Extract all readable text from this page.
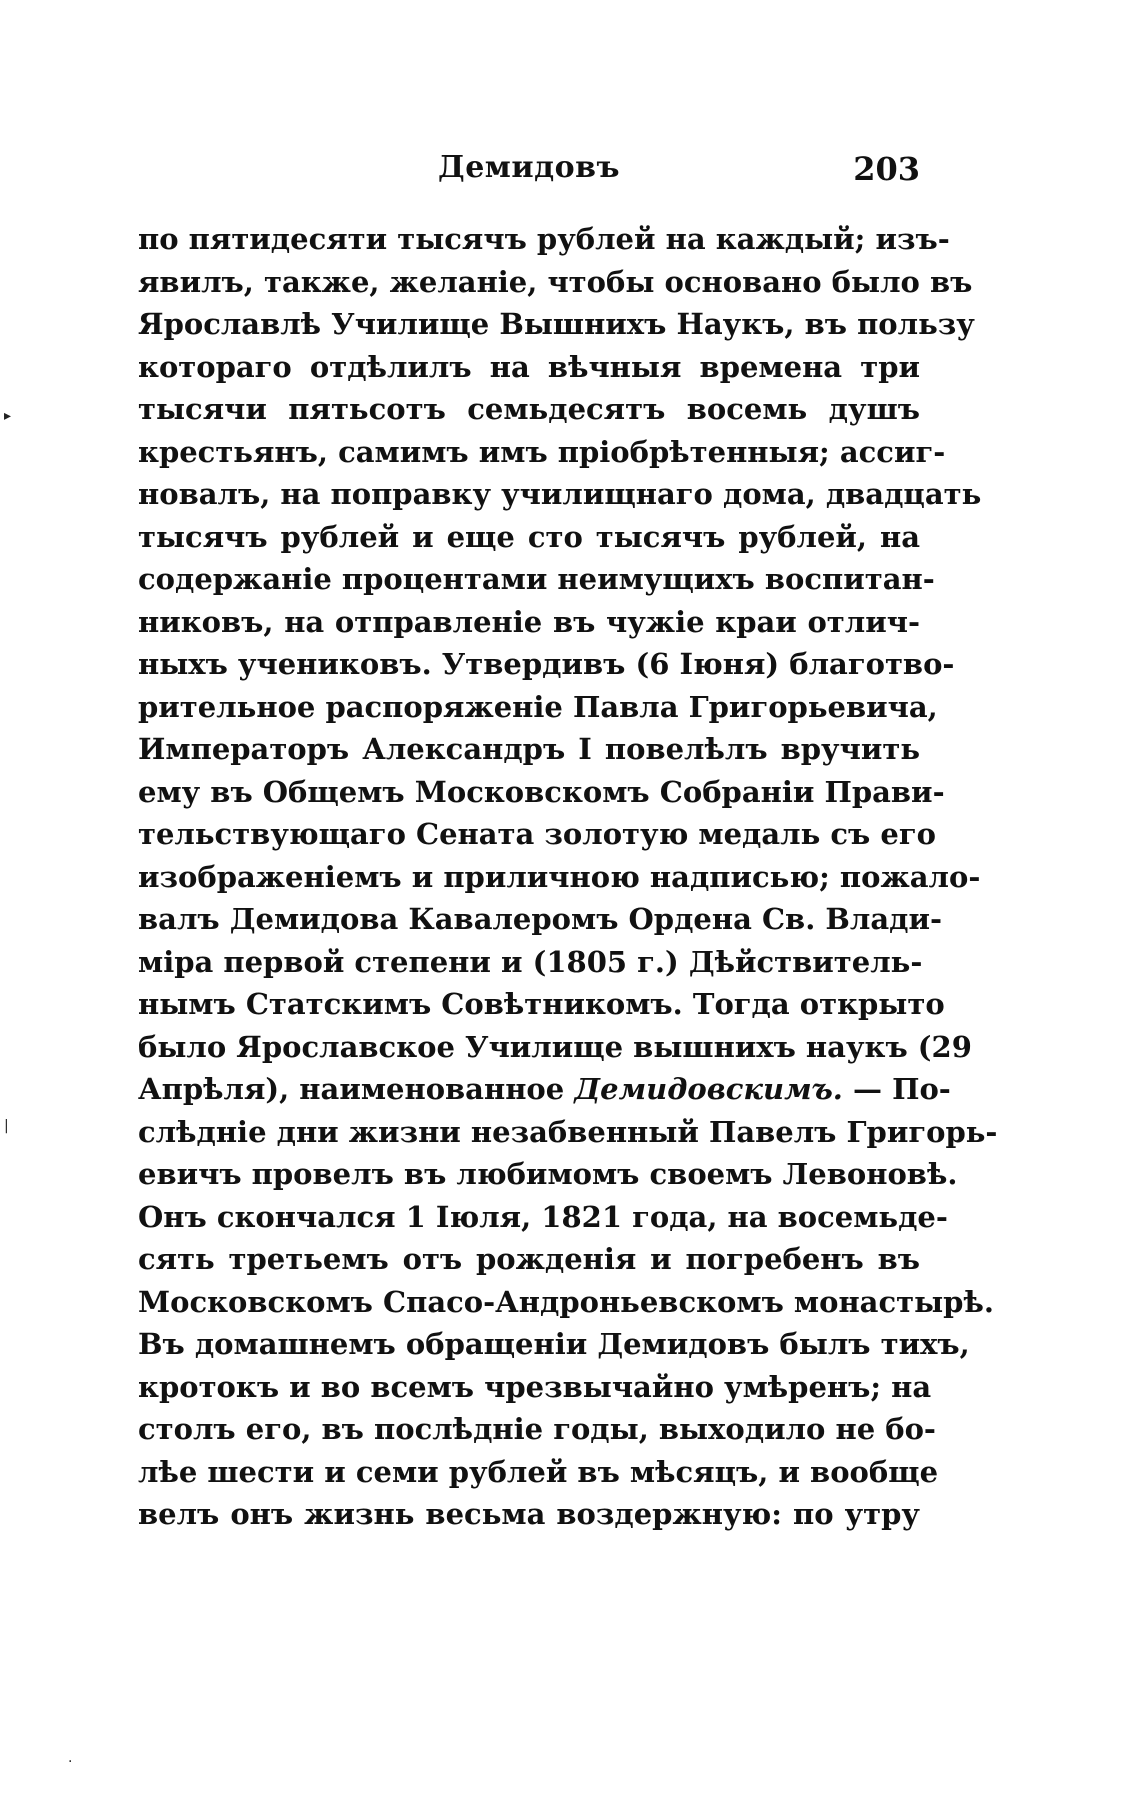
Демидовъ	203
по пятидесяти тысячъ рублей на каждый; изъ-
явилъ, также, желаніе, чтобы основано было въ
Ярославлѣ Училище Вышнихъ Наукъ, въ пользу
котораго отдѣлилъ на вѣчныя времена три
тысячи пятьсотъ семьдесятъ восемь душъ
крестьянъ, самимъ имъ пріобрѣтенныя; ассиг-
новалъ, на поправку училищнаго дома, двадцать
тысячъ рублей и еще сто тысячъ рублей, на
содержаніе процентами неимущихъ воспитан-
никовъ, на отправленіе въ чужіе краи отлич-
ныхъ учениковъ. Утвердивъ (6 Іюня) благотво-
рительное распоряженіе Павла Григорьевича,
Императоръ Александръ I повелѣлъ вручить
ему въ Общемъ Московскомъ Собраніи Прави-
тельствующаго Сената золотую медаль съ его
изображеніемъ и приличною надписью; пожало-
валъ Демидова Кавалеромъ Ордена Св. Влади-
міра первой степени и (1805 г.) Дѣйствитель-
нымъ Статскимъ Совѣтникомъ. Тогда открыто
было Ярославское Училище вышнихъ наукъ (29
Апрѣля), наименованное Демидовскимъ. — По-
слѣдніе дни жизни незабвенный Павелъ Григорь-
евичъ провелъ въ любимомъ своемъ Левоновѣ.
Онъ скончался 1 Іюля, 1821 года, на восемьде-
сять третьемъ отъ рожденія и погребенъ въ
Московскомъ Спасо-Андроньевскомъ монастырѣ.
Въ домашнемъ обращеніи Демидовъ былъ тихъ,
кротокъ и во всемъ чрезвычайно умѣренъ; на
столъ его, въ послѣдніе годы, выходило не бо-
лѣе шести и семи рублей въ мѣсяцъ, и вообще
велъ онъ жизнь весьма воздержную: по утру
▸
|
·
